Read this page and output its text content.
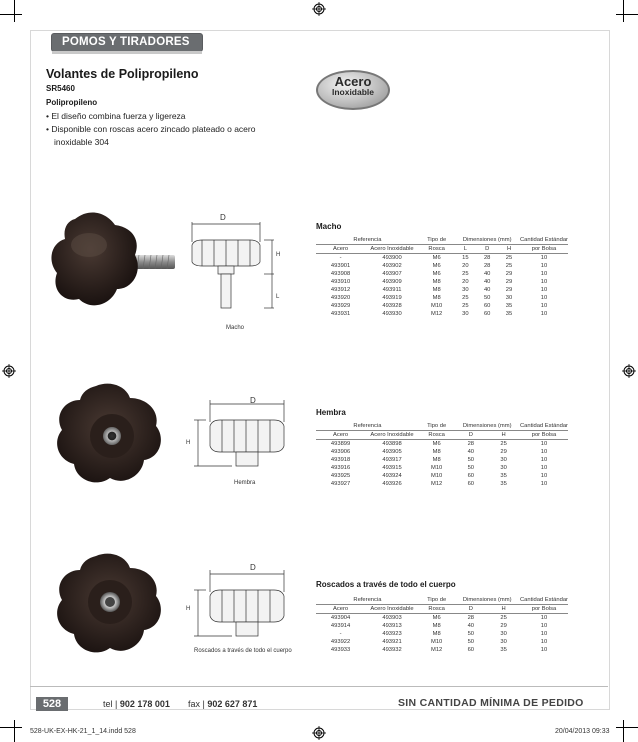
POMOS Y TIRADORES
Volantes de Polipropileno
SR5460
Polipropileno
• El diseño combina fuerza y ligereza
• Disponible con roscas acero zincado plateado o acero
inoxidable 304
Acero
Inoxidable
D
H
L
Macho
D
H
Hembra
D
H
Roscados a través de todo el cuerpo
Macho
Hembra
Roscados a través de todo el cuerpo
Referencia		Tipo de	Dimensiones (mm)			Cantidad Estándar
Acero	Acero Inoxidable	Rosca	L	D	H	por Bolsa
-	493900	M6	15	28	25	10
493901	493902	M6	20	28	25	10
493908	493907	M6	25	40	29	10
493910	493909	M8	20	40	29	10
493912	493911	M8	30	40	29	10
493920	493919	M8	25	50	30	10
493929	493928	M10	25	60	35	10
493931	493930	M12	30	60	35	10
Referencia		Tipo de	Dimensiones (mm)		Cantidad Estándar
Acero	Acero Inoxidable	Rosca	D	H	por Bolsa
493899	493898	M6	28	25	10
493906	493905	M8	40	29	10
493918	493917	M8	50	30	10
493916	493915	M10	50	30	10
493925	493924	M10	60	35	10
493927	493926	M12	60	35	10
Referencia		Tipo de	Dimensiones (mm)		Cantidad Estándar
Acero	Acero Inoxidable	Rosca	D	H	por Bolsa
493904	493903	M6	28	25	10
493914	493913	M8	40	29	10
-	493923	M8	50	30	10
493922	493921	M10	50	30	10
493933	493932	M12	60	35	10
528	tel | 902 178 001 fax | 902 627 871	SIN CANTIDAD MÍNIMA DE PEDIDO
528-UK-EX-HK-21_1_14.indd 528	20/04/2013 09:33
